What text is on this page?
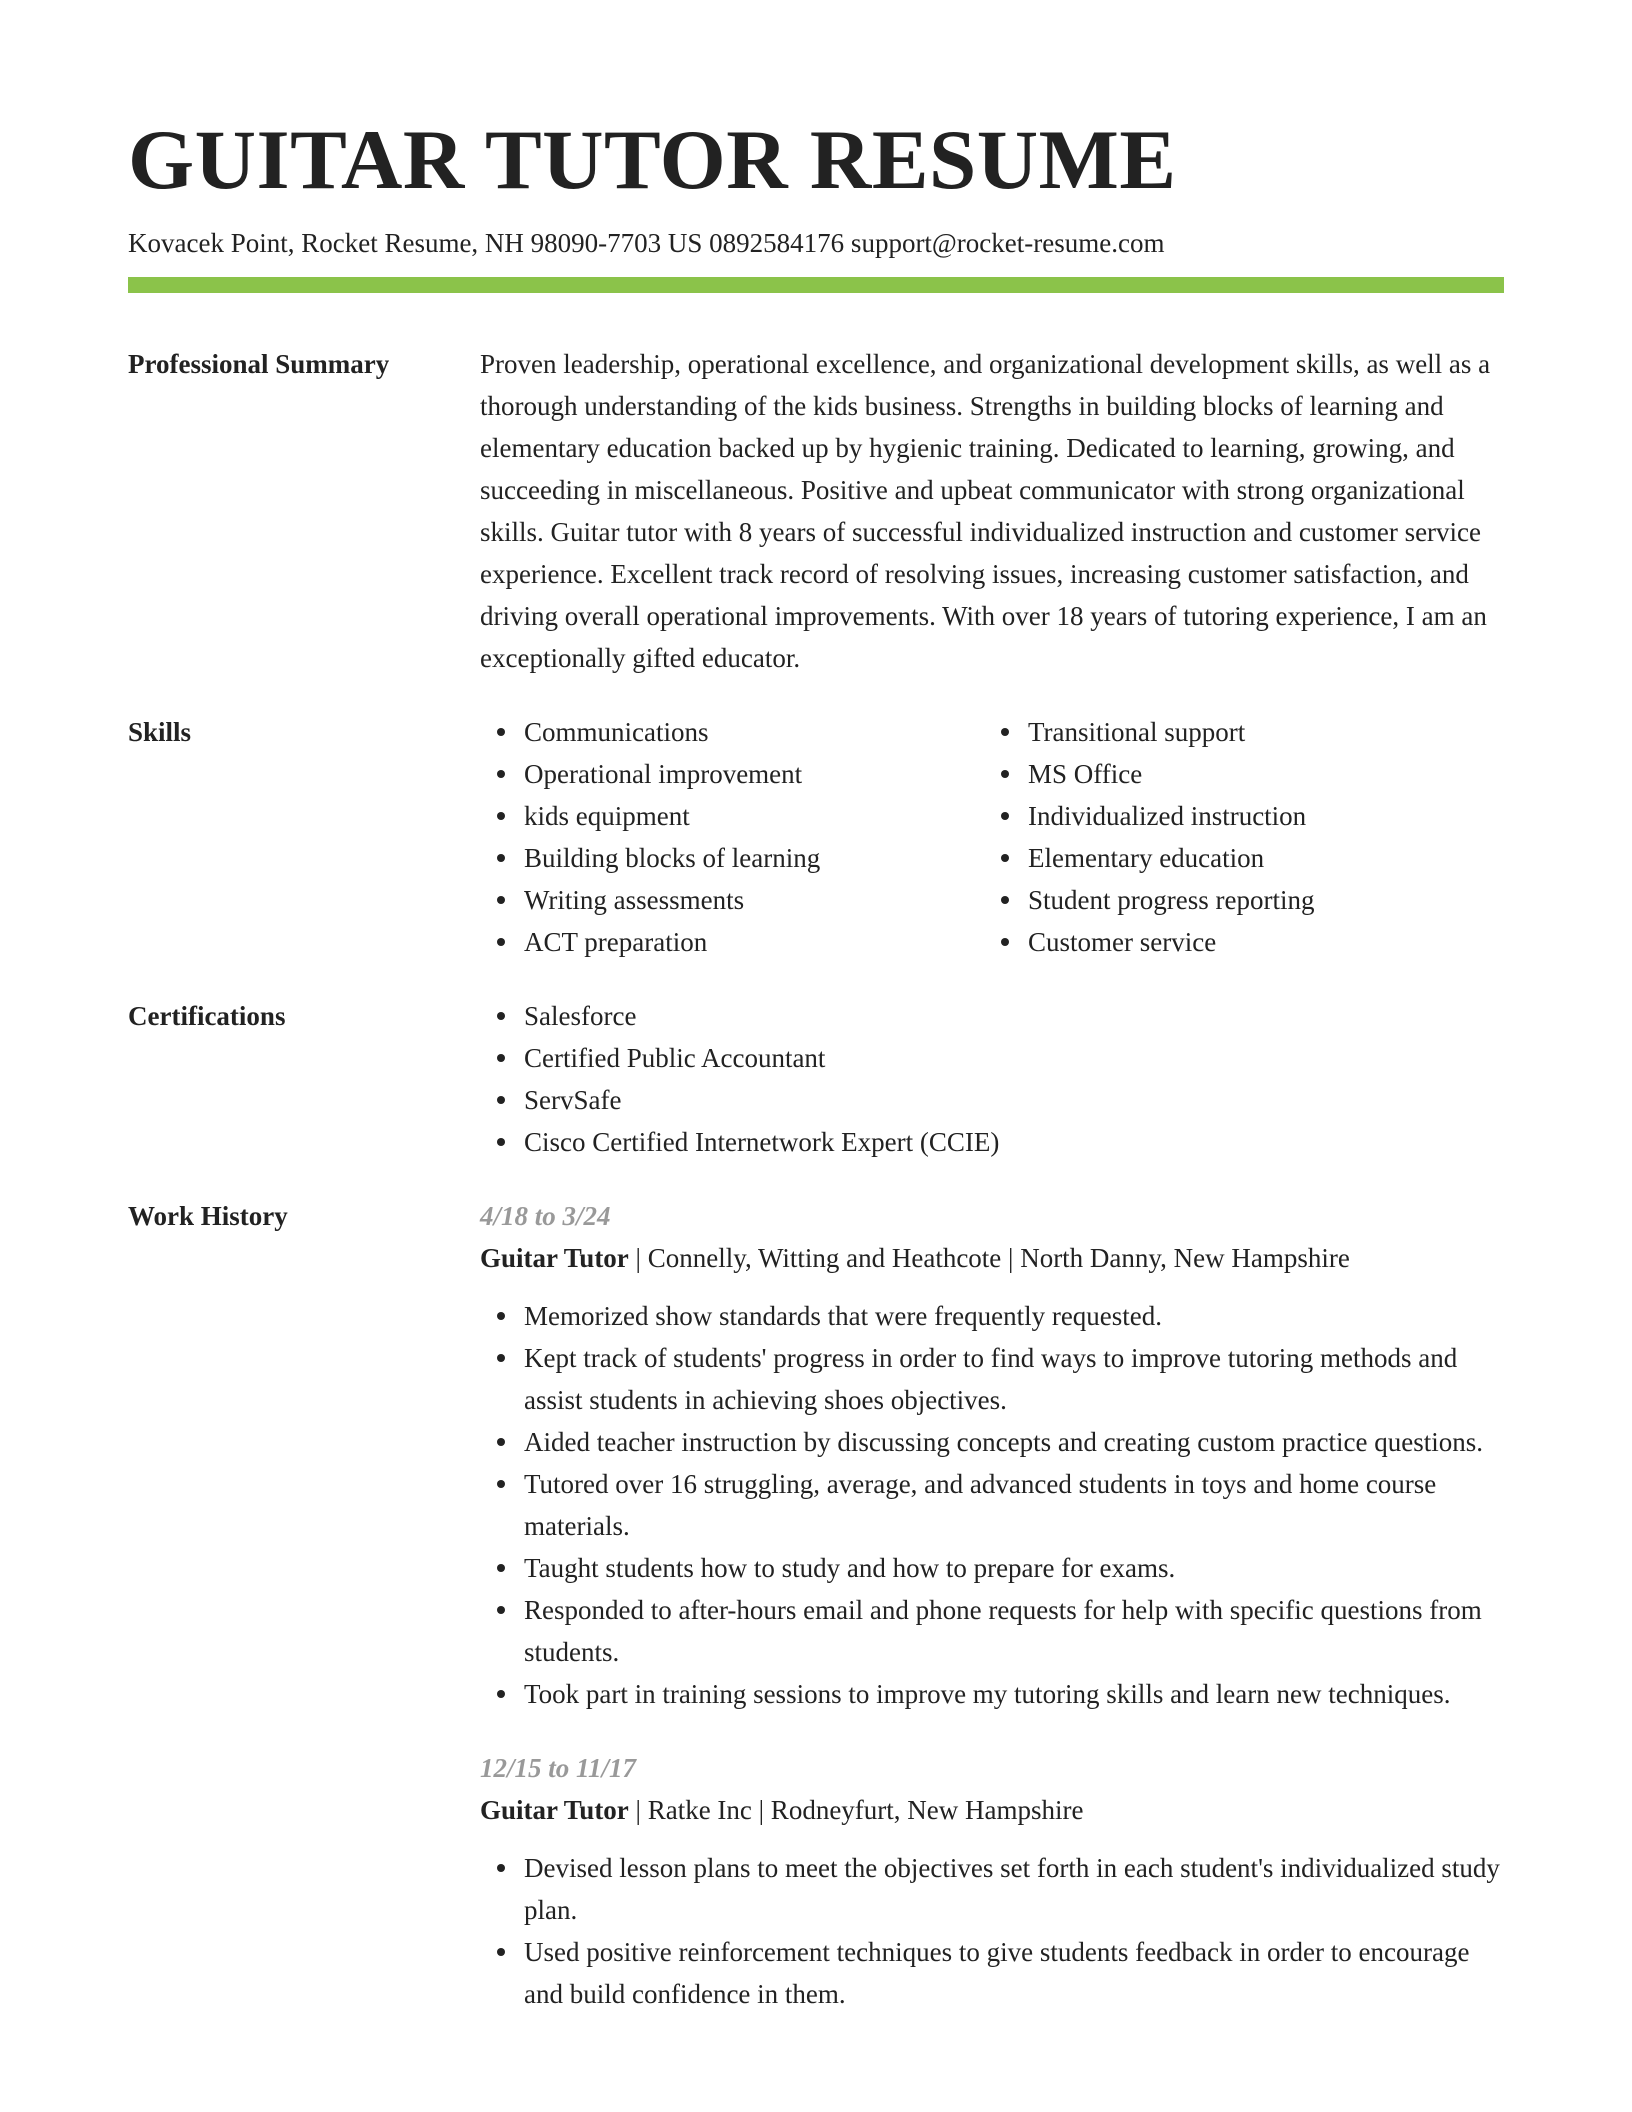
GUITAR TUTOR RESUME
Kovacek Point, Rocket Resume, NH 98090-7703 US 0892584176 support@rocket-resume.com
Professional Summary	Proven leadership, operational excellence, and organizational development skills, as well as a thorough understanding of the kids business. Strengths in building blocks of learning and elementary education backed up by hygienic training. Dedicated to learning, growing, and succeeding in miscellaneous. Positive and upbeat communicator with strong organizational skills. Guitar tutor with 8 years of successful individualized instruction and customer service experience. Excellent track record of resolving issues, increasing customer satisfaction, and driving overall operational improvements. With over 18 years of tutoring experience, I am an exceptionally gifted educator.
Skills	Communications
Operational improvement
kids equipment
Building blocks of learning
Writing assessments
ACT preparation
Transitional support
MS Office
Individualized instruction
Elementary education
Student progress reporting
Customer service
Certifications	Salesforce
Certified Public Accountant
ServSafe
Cisco Certified Internetwork Expert (CCIE)
Work History	4/18 to 3/24
Guitar Tutor | Connelly, Witting and Heathcote | North Danny, New Hampshire
Memorized show standards that were frequently requested.
Kept track of students' progress in order to find ways to improve tutoring methods and assist students in achieving shoes objectives.
Aided teacher instruction by discussing concepts and creating custom practice questions.
Tutored over 16 struggling, average, and advanced students in toys and home course materials.
Taught students how to study and how to prepare for exams.
Responded to after-hours email and phone requests for help with specific questions from students.
Took part in training sessions to improve my tutoring skills and learn new techniques.
12/15 to 11/17
Guitar Tutor | Ratke Inc | Rodneyfurt, New Hampshire
Devised lesson plans to meet the objectives set forth in each student's individualized study plan.
Used positive reinforcement techniques to give students feedback in order to encourage and build confidence in them.
